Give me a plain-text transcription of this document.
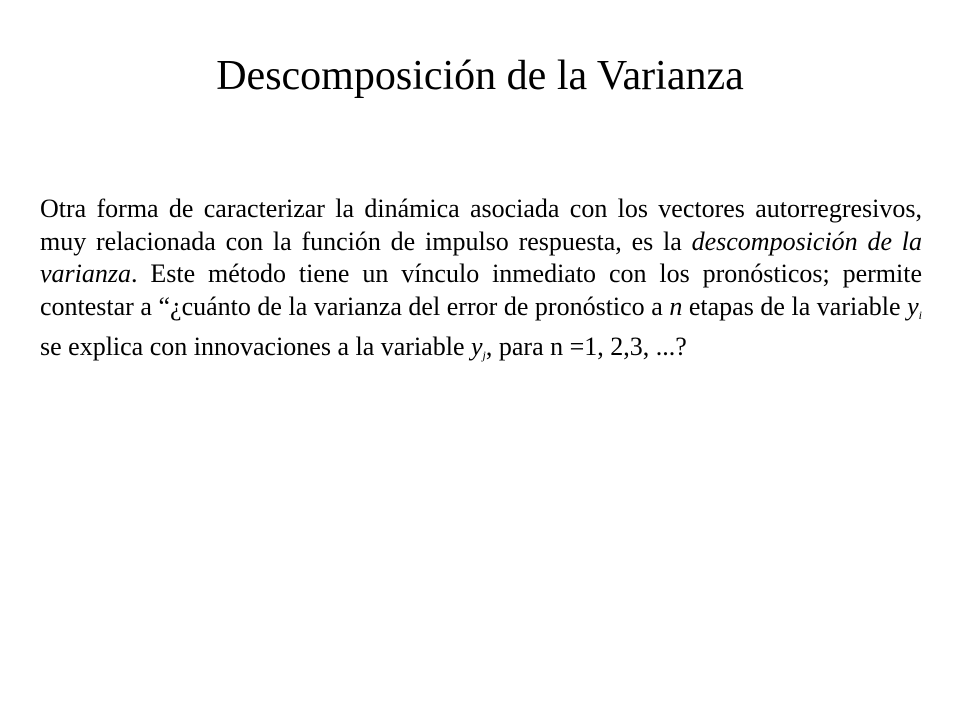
Descomposición de la Varianza

Otra forma de caracterizar la dinámica asociada con los vectores autorregresivos, muy relacionada con la función de impulso respuesta, es la descomposición de la varianza. Este método tiene un vínculo inmediato con los pronósticos; permite contestar a “¿cuánto de la varianza del error de pronóstico a n etapas de la variable $y_i$ se explica con innovaciones a la variable $y_j$, para n =1, 2,3, ...?
